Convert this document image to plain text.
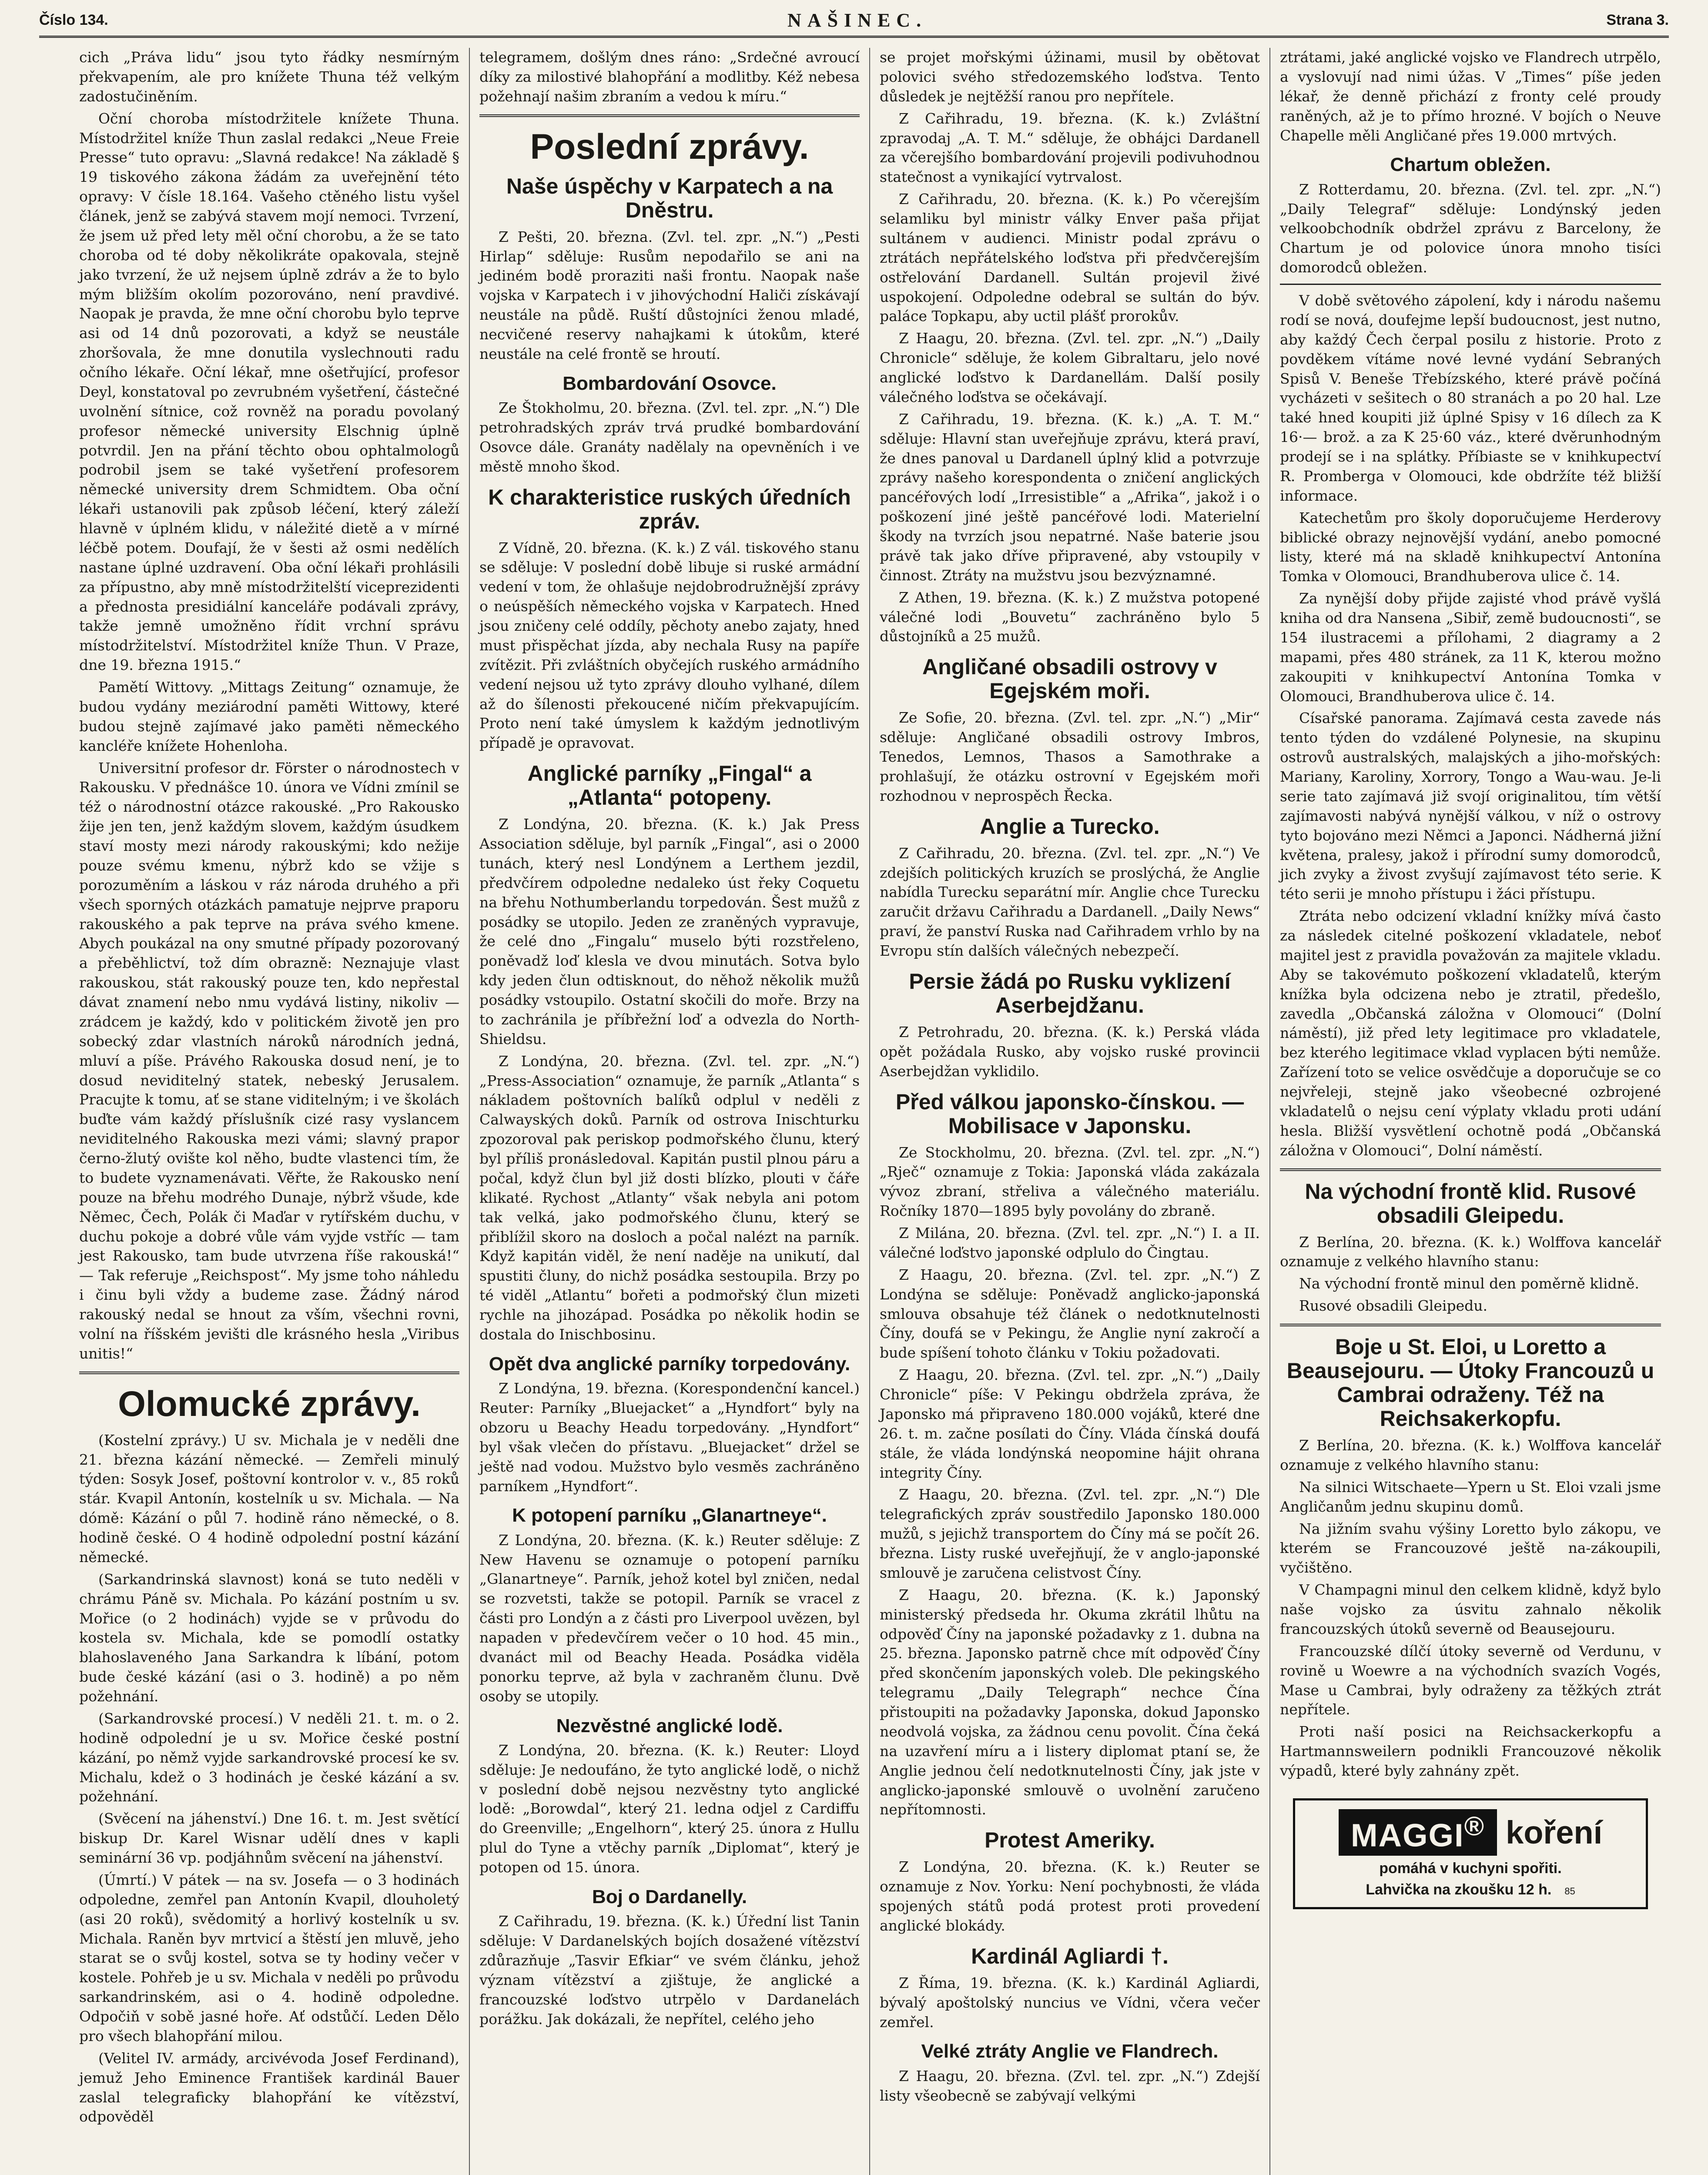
Číslo 134.	NAŠINEC.	Strana 3.

cich „Práva lidu“ jsou tyto řádky nesmírným překvapením, ale pro knížete Thuna též velkým zadostučiněním.

Oční choroba místodržitele knížete Thuna. Místodržitel kníže Thun zaslal redakci „Neue Freie Presse“ tuto opravu: „Slavná redakce! Na základě § 19 tiskového zákona žádám za uveřejnění této opravy: V čísle 18.164. Vašeho ctěného listu vyšel článek, jenž se zabývá stavem mojí nemoci. Tvrzení, že jsem už před lety měl oční chorobu, a že se tato choroba od té doby několikráte opakovala, stejně jako tvrzení, že už nejsem úplně zdráv a že to bylo mým bližším okolím pozorováno, není pravdivé. Naopak je pravda, že mne oční chorobu bylo teprve asi od 14 dnů pozorovati, a když se neustále zhoršovala, že mne donutila vyslechnouti radu očního lékaře. Oční lékař, mne ošetřující, profesor Deyl, konstatoval po zevrubném vyšetření, částečné uvolnění sítnice, což rovněž na poradu povolaný profesor německé university Elschnig úplně potvrdil. Jen na přání těchto obou ophtalmologů podrobil jsem se také vyšetření profesorem německé university drem Schmidtem. Oba oční lékaři ustanovili pak způsob léčení, který záleží hlavně v úplném klidu, v náležité dietě a v mírné léčbě potem. Doufají, že v šesti až osmi nedělích nastane úplné uzdravení. Oba oční lékaři prohlásili za přípustno, aby mně místodržitelští viceprezidenti a přednosta presidiální kanceláře podávali zprávy, takže jemně umožněno řídit vrchní správu místodržitelství. Místodržitel kníže Thun. V Praze, dne 19. března 1915.“

Pamětí Wittovy. „Mittags Zeitung“ oznamuje, že budou vydány meziárodní paměti Wittowy, které budou stejně zajímavé jako paměti německého kancléře knížete Hohenloha.

Universitní profesor dr. Förster o národnostech v Rakousku. V přednášce 10. února ve Vídni zmínil se též o národnostní otázce rakouské. „Pro Rakousko žije jen ten, jenž každým slovem, každým úsudkem staví mosty mezi národy rakouskými; kdo nežije pouze svému kmenu, nýbrž kdo se vžije s porozuměním a láskou v ráz národa druhého a při všech sporných otázkách pamatuje nejprve praporu rakouského a pak teprve na práva svého kmene. Abych poukázal na ony smutné případy pozorovaný a přeběhlictví, tož dím obrazně: Neznajuje vlast rakouskou, stát rakouský pouze ten, kdo nepřestal dávat znamení nebo nmu vydává listiny, nikoliv — zrádcem je každý, kdo v politickém životě jen pro sobecký zdar vlastních nároků národních jedná, mluví a píše. Právého Rakouska dosud není, je to dosud neviditelný statek, nebeský Jerusalem. Pracujte k tomu, ať se stane viditelným; i ve školách buďte vám každý příslušník cizé rasy vyslancem neviditelného Rakouska mezi vámi; slavný prapor černo-žlutý ovište kol něho, budte vlastenci tím, že to budete vyznamenávati. Věřte, že Rakousko není pouze na břehu modrého Dunaje, nýbrž všude, kde Němec, Čech, Polák či Maďar v rytířském duchu, v duchu pokoje a dobré vůle vám vyjde vstříc — tam jest Rakousko, tam bude utvrzena říše rakouská!“ — Tak referuje „Reichspost“. My jsme toho náhledu i činu byli vždy a budeme zase. Žádný národ rakouský nedal se hnout za vším, všechni rovni, volní na říšském jevišti dle krásného hesla „Viribus unitis!“

Olomucké zprávy.

(Kostelní zprávy.) U sv. Michala je v neděli dne 21. března kázání německé. — Zemřeli minulý týden: Sosyk Josef, poštovní kontrolor v. v., 85 roků stár. Kvapil Antonín, kostelník u sv. Michala. — Na dómě: Kázání o půl 7. hodině ráno německé, o 8. hodině české. O 4 hodině odpolední postní kázání německé.

(Sarkandrinská slavnost) koná se tuto neděli v chrámu Páně sv. Michala. Po kázání postním u sv. Mořice (o 2 hodinách) vyjde se v průvodu do kostela sv. Michala, kde se pomodlí ostatky blahoslaveného Jana Sarkandra k líbání, potom bude české kázání (asi o 3. hodině) a po něm požehnání.

(Sarkandrovské procesí.) V neděli 21. t. m. o 2. hodině odpolední je u sv. Mořice české postní kázání, po němž vyjde sarkandrovské procesí ke sv. Michalu, kdež o 3 hodinách je české kázání a sv. požehnání.

(Svěcení na jáhenství.) Dne 16. t. m. Jest světící biskup Dr. Karel Wisnar udělí dnes v kapli seminární 36 vp. podjáhnům svěcení na jáhenství.

(Úmrtí.) V pátek — na sv. Josefa — o 3 hodinách odpoledne, zemřel pan Antonín Kvapil, dlouholetý (asi 20 roků), svědomitý a horlivý kostelník u sv. Michala. Raněn byv mrtvicí a štěstí jen mluvě, jeho starat se o svůj kostel, sotva se ty hodiny večer v kostele. Pohřeb je u sv. Michala v neděli po průvodu sarkandrinském, asi o 4. hodině odpoledne. Odpočiň v sobě jasné hoře. Ať odstůčí. Leden Dělo pro všech blahopřání milou.

(Velitel IV. armády, arcivévoda Josef Ferdinand), jemuž Jeho Eminence František kardinál Bauer zaslal telegraficky blahopřání ke vítězství, odpověděl

telegramem, došlým dnes ráno: „Srdečné avroucí díky za milostivé blahopřání a modlitby. Kéž nebesa požehnají našim zbraním a vedou k míru.“

Poslední zprávy.
Naše úspěchy v Karpatech a na Dněstru.

Z Pešti, 20. března. (Zvl. tel. zpr. „N.“) „Pesti Hirlap“ sděluje: Rusům nepodařilo se ani na jediném bodě proraziti naši frontu. Naopak naše vojska v Karpatech i v jihovýchodní Haliči získávají neustále na půdě. Ruští důstojníci ženou mladé, necvičené reservy nahajkami k útokům, které neustále na celé frontě se hroutí.

Bombardování Osovce.

Ze Štokholmu, 20. března. (Zvl. tel. zpr. „N.“) Dle petrohradských zpráv trvá prudké bombardování Osovce dále. Granáty nadělaly na opevněních i ve městě mnoho škod.

K charakteristice ruských úředních zpráv.

Z Vídně, 20. března. (K. k.) Z vál. tiskového stanu se sděluje: V poslední době libuje si ruské armádní vedení v tom, že ohlašuje nejdobrodružnější zprávy o neúspěších německého vojska v Karpatech. Hned jsou zničeny celé oddíly, pěchoty anebo zajaty, hned must přispěchat jízda, aby nechala Rusy na papíře zvítězit. Při zvláštních obyčejích ruského armádního vedení nejsou už tyto zprávy dlouho vylhané, dílem až do šílenosti překoucené ničím překvapujícím. Proto není také úmyslem k každým jednotlivým případě je opravovat.

Anglické parníky „Fingal“ a „Atlanta“ potopeny.

Z Londýna, 20. března. (K. k.) Jak Press Association sděluje, byl parník „Fingal“, asi o 2000 tunách, který nesl Londýnem a Lerthem jezdil, předvčírem odpoledne nedaleko úst řeky Coquetu na břehu Nothumberlandu torpedován. Šest mužů z posádky se utopilo. Jeden ze zraněných vypravuje, že celé dno „Fingalu“ muselo býti rozstřeleno, poněvadž loď klesla ve dvou minutách. Sotva bylo kdy jeden člun odtisknout, do něhož několik mužů posádky vstoupilo. Ostatní skočili do moře. Brzy na to zachránila je příbřežní loď a odvezla do North-Shieldsu.

Z Londýna, 20. března. (Zvl. tel. zpr. „N.“) „Press-Association“ oznamuje, že parník „Atlanta“ s nákladem poštovních balíků odplul v neděli z Calwayských doků. Parník od ostrova Inischturku zpozoroval pak periskop podmořského člunu, který byl příliš pronásledoval. Kapitán pustil plnou páru a počal, když člun byl již dosti blízko, plouti v čáře klikaté. Rychost „Atlanty“ však nebyla ani potom tak velká, jako podmořského člunu, který se přiblížil skoro na dosloch a počal nalézt na parník. Když kapitán viděl, že není naděje na unikutí, dal spustiti čluny, do nichž posádka sestoupila. Brzy po té viděl „Atlantu“ bořeti a podmořský člun mizeti rychle na jihozápad. Posádka po několik hodin se dostala do Inischbosinu.

Opět dva anglické parníky torpedovány.

Z Londýna, 19. března. (Korespondenční kancel.) Reuter: Parníky „Bluejacket“ a „Hyndfort“ byly na obzoru u Beachy Headu torpedovány. „Hyndfort“ byl však vlečen do přístavu. „Bluejacket“ držel se ještě nad vodou. Mužstvo bylo vesměs zachráněno parníkem „Hyndfort“.

K potopení parníku „Glanartneye“.

Z Londýna, 20. března. (K. k.) Reuter sděluje: Z New Havenu se oznamuje o potopení parníku „Glanartneye“. Parník, jehož kotel byl zničen, nedal se rozvetsti, takže se potopil. Parník se vracel z části pro Londýn a z části pro Liverpool uvězen, byl napaden v předevčírem večer o 10 hod. 45 min., dvanáct mil od Beachy Heada. Posádka viděla ponorku teprve, až byla v zachraněm člunu. Dvě osoby se utopily.

Nezvěstné anglické lodě.

Z Londýna, 20. března. (K. k.) Reuter: Lloyd sděluje: Je nedoufáno, že tyto anglické lodě, o nichž v poslední době nejsou nezvěstny tyto anglické lodě: „Borowdal“, který 21. ledna odjel z Cardiffu do Greenville; „Engelhorn“, který 25. února z Hullu plul do Tyne a vtěchy parník „Diplomat“, který je potopen od 15. února.

Boj o Dardanelly.

Z Cařihradu, 19. března. (K. k.) Úřední list Tanin sděluje: V Dardanelských bojích dosažené vítězství zdůrazňuje „Tasvir Efkiar“ ve svém článku, jehož význam vítězství a zjištuje, že anglické a francouzské loďstvo utrpělo v Dardanelách porážku. Jak dokázali, že nepřítel, celého jeho

se projet mořskými úžinami, musil by obětovat polovici svého středozemského loďstva. Tento důsledek je nejtěžší ranou pro nepřítele.

Z Cařihradu, 19. března. (K. k.) Zvláštní zpravodaj „A. T. M.“ sděluje, že obhájci Dardanell za včerejšího bombardování projevili podivuhodnou statečnost a vynikající vytrvalost.

Z Cařihradu, 20. března. (K. k.) Po včerejším selamliku byl ministr války Enver paša přijat sultánem v audienci. Ministr podal zprávu o ztrátách nepřátelského loďstva při předvčerejším ostřelování Dardanell. Sultán projevil živé uspokojení. Odpoledne odebral se sultán do býv. paláce Topkapu, aby uctil plášť prorokův.

Z Haagu, 20. března. (Zvl. tel. zpr. „N.“) „Daily Chronicle“ sděluje, že kolem Gibraltaru, jelo nové anglické loďstvo k Dardanellám. Další posily válečného loďstva se očekávají.

Z Cařihradu, 19. března. (K. k.) „A. T. M.“ sděluje: Hlavní stan uveřejňuje zprávu, která praví, že dnes panoval u Dardanell úplný klid a potvrzuje zprávy našeho korespondenta o zničení anglických pancéřových lodí „Irresistible“ a „Afrika“, jakož i o poškození jiné ještě pancéřové lodi. Materielní škody na tvrzích jsou nepatrné. Naše baterie jsou právě tak jako dříve připravené, aby vstoupily v činnost. Ztráty na mužstvu jsou bezvýznamné.

Z Athen, 19. března. (K. k.) Z mužstva potopené válečné lodi „Bouvetu“ zachráněno bylo 5 důstojníků a 25 mužů.

Angličané obsadili ostrovy v Egejském moři.

Ze Sofie, 20. března. (Zvl. tel. zpr. „N.“) „Mir“ sděluje: Angličané obsadili ostrovy Imbros, Tenedos, Lemnos, Thasos a Samothrake a prohlašují, že otázku ostrovní v Egejském moři rozhodnou v neprospěch Řecka.

Anglie a Turecko.

Z Cařihradu, 20. března. (Zvl. tel. zpr. „N.“) Ve zdejších politických kruzích se proslýchá, že Anglie nabídla Turecku separátní mír. Anglie chce Turecku zaručit državu Cařihradu a Dardanell. „Daily News“ praví, že panství Ruska nad Cařihradem vrhlo by na Evropu stín dalších válečných nebezpečí.

Persie žádá po Rusku vyklizení Aserbejdžanu.

Z Petrohradu, 20. března. (K. k.) Perská vláda opět požádala Rusko, aby vojsko ruské provincii Aserbejdžan vyklidilo.

Před válkou japonsko-čínskou. — Mobilisace v Japonsku.

Ze Stockholmu, 20. března. (Zvl. tel. zpr. „N.“) „Rječ“ oznamuje z Tokia: Japonská vláda zakázala vývoz zbraní, střeliva a válečného materiálu. Ročníky 1870—1895 byly povolány do zbraně.

Z Milána, 20. března. (Zvl. tel. zpr. „N.“) I. a II. válečné loďstvo japonské odplulo do Čingtau.

Z Haagu, 20. března. (Zvl. tel. zpr. „N.“) Z Londýna se sděluje: Poněvadž anglicko-japonská smlouva obsahuje též článek o nedotknutelnosti Číny, doufá se v Pekingu, že Anglie nyní zakročí a bude spíšení tohoto článku v Tokiu požadovati.

Z Haagu, 20. března. (Zvl. tel. zpr. „N.“) „Daily Chronicle“ píše: V Pekingu obdržela zpráva, že Japonsko má připraveno 180.000 vojáků, které dne 26. t. m. začne posílati do Číny. Vláda čínská doufá stále, že vláda londýnská neopomine hájit ohrana integrity Číny.

Z Haagu, 20. března. (Zvl. tel. zpr. „N.“) Dle telegrafických zpráv soustředilo Japonsko 180.000 mužů, s jejichž transportem do Číny má se počít 26. března. Listy ruské uveřejňují, že v anglo-japonské smlouvě je zaručena celistvost Číny.

Z Haagu, 20. března. (K. k.) Japonský ministerský předseda hr. Okuma zkrátil lhůtu na odpověď Číny na japonské požadavky z 1. dubna na 25. března. Japonsko patrně chce mít odpověď Číny před skončením japonských voleb. Dle pekingského telegramu „Daily Telegraph“ nechce Čína přistoupiti na požadavky Japonska, dokud Japonsko neodvolá vojska, za žádnou cenu povolit. Čína čeká na uzavření míru a i listery diplomat ptaní se, že Anglie jednou čelí nedotknutelnosti Číny, jak jste v anglicko-japonské smlouvě o uvolnění zaručeno nepřítomnosti.

Protest Ameriky.

Z Londýna, 20. března. (K. k.) Reuter se oznamuje z Nov. Yorku: Není pochybnosti, že vláda spojených států podá protest proti provedení anglické blokády.

Kardinál Agliardi †.

Z Říma, 19. března. (K. k.) Kardinál Agliardi, bývalý apoštolský nuncius ve Vídni, včera večer zemřel.

Velké ztráty Anglie ve Flandrech.

Z Haagu, 20. března. (Zvl. tel. zpr. „N.“) Zdejší listy všeobecně se zabývají velkými

ztrátami, jaké anglické vojsko ve Flandrech utrpělo, a vyslovují nad nimi úžas. V „Times“ píše jeden lékař, že denně přichází z fronty celé proudy raněných, až je to přímo hrozné. V bojích o Neuve Chapelle měli Angličané přes 19.000 mrtvých.

Chartum obležen.

Z Rotterdamu, 20. března. (Zvl. tel. zpr. „N.“) „Daily Telegraf“ sděluje: Londýnský jeden velkoobchodník obdržel zprávu z Barcelony, že Chartum je od polovice února mnoho tisíci domorodců obležen.

V době světového zápolení, kdy i národu našemu rodí se nová, doufejme lepší budoucnost, jest nutno, aby každý Čech čerpal posilu z historie. Proto z povděkem vítáme nové levné vydání Sebraných Spisů V. Beneše Třebízského, které právě počíná vycházeti v sešitech o 80 stranách a po 20 hal. Lze také hned koupiti již úplné Spisy v 16 dílech za K 16·— brož. a za K 25·60 váz., které dvěrunhodným prodejí se i na splátky. Příbiaste se v knihkupectví R. Promberga v Olomouci, kde obdržíte též bližší informace.

Katechetům pro školy doporučujeme Herderovy biblické obrazy nejnovější vydání, anebo pomocné listy, které má na skladě knihkupectví Antonína Tomka v Olomouci, Brandhuberova ulice č. 14.

Za nynější doby přijde zajisté vhod právě vyšlá kniha od dra Nansena „Sibiř, země budoucnosti“, se 154 ilustracemi a přílohami, 2 diagramy a 2 mapami, přes 480 stránek, za 11 K, kterou možno zakoupiti v knihkupectví Antonína Tomka v Olomouci, Brandhuberova ulice č. 14.

Císařské panorama. Zajímavá cesta zavede nás tento týden do vzdálené Polynesie, na skupinu ostrovů australských, malajských a jiho-mořských: Mariany, Karoliny, Xorrory, Tongo a Wau-wau. Je-li serie tato zajímavá již svojí originalitou, tím větší zajímavosti nabývá nynější válkou, v níž o ostrovy tyto bojováno mezi Němci a Japonci. Nádherná jižní květena, pralesy, jakož i přírodní sumy domorodců, jich zvyky a živost zvyšují zajímavost této serie. K této serii je mnoho přístupu i žáci přístupu.

Ztráta nebo odcizení vkladní knížky mívá často za následek citelné poškození vkladatele, neboť majitel jest z pravidla považován za majitele vkladu. Aby se takovémuto poškození vkladatelů, kterým knížka byla odcizena nebo je ztratil, předešlo, zavedla „Občanská záložna v Olomouci“ (Dolní náměstí), již před lety legitimace pro vkladatele, bez kterého legitimace vklad vyplacen býti nemůže. Zařízení toto se velice osvědčuje a doporučuje se co nejvřeleji, stejně jako všeobecné ozbrojené vkladatelů o nejsu cení výplaty vkladu proti udání hesla. Bližší vysvětlení ochotně podá „Občanská záložna v Olomouci“, Dolní náměstí.

Na východní frontě klid. Rusové obsadili Gleipedu.

Z Berlína, 20. března. (K. k.) Wolffova kancelář oznamuje z velkého hlavního stanu:

Na východní frontě minul den poměrně klidně.

Rusové obsadili Gleipedu.

Boje u St. Eloi, u Loretto a Beausejouru. — Útoky Francouzů u Cambrai odraženy. Též na Reichsakerkopfu.

Z Berlína, 20. března. (K. k.) Wolffova kancelář oznamuje z velkého hlavního stanu:

Na silnici Witschaete—Ypern u St. Eloi vzali jsme Angličanům jednu skupinu domů.

Na jižním svahu výšiny Loretto bylo zákopu, ve kterém se Francouzové ještě na-zákoupili, vyčištěno.

V Champagni minul den celkem klidně, když bylo naše vojsko za úsvitu zahnalo několik francouzských útoků severně od Beausejouru.

Francouzské dílčí útoky severně od Verdunu, v rovině u Woewre a na východních svazích Vogés, Mase u Cambrai, byly odraženy za těžkých ztrát nepřítele.

Proti naší posici na Reichsackerkopfu a Hartmannsweilern podnikli Francouzové několik výpadů, které byly zahnány zpět.

MAGGI® koření
pomáhá v kuchyni spořiti.
Lahvička na zkoušku 12 h. 85
